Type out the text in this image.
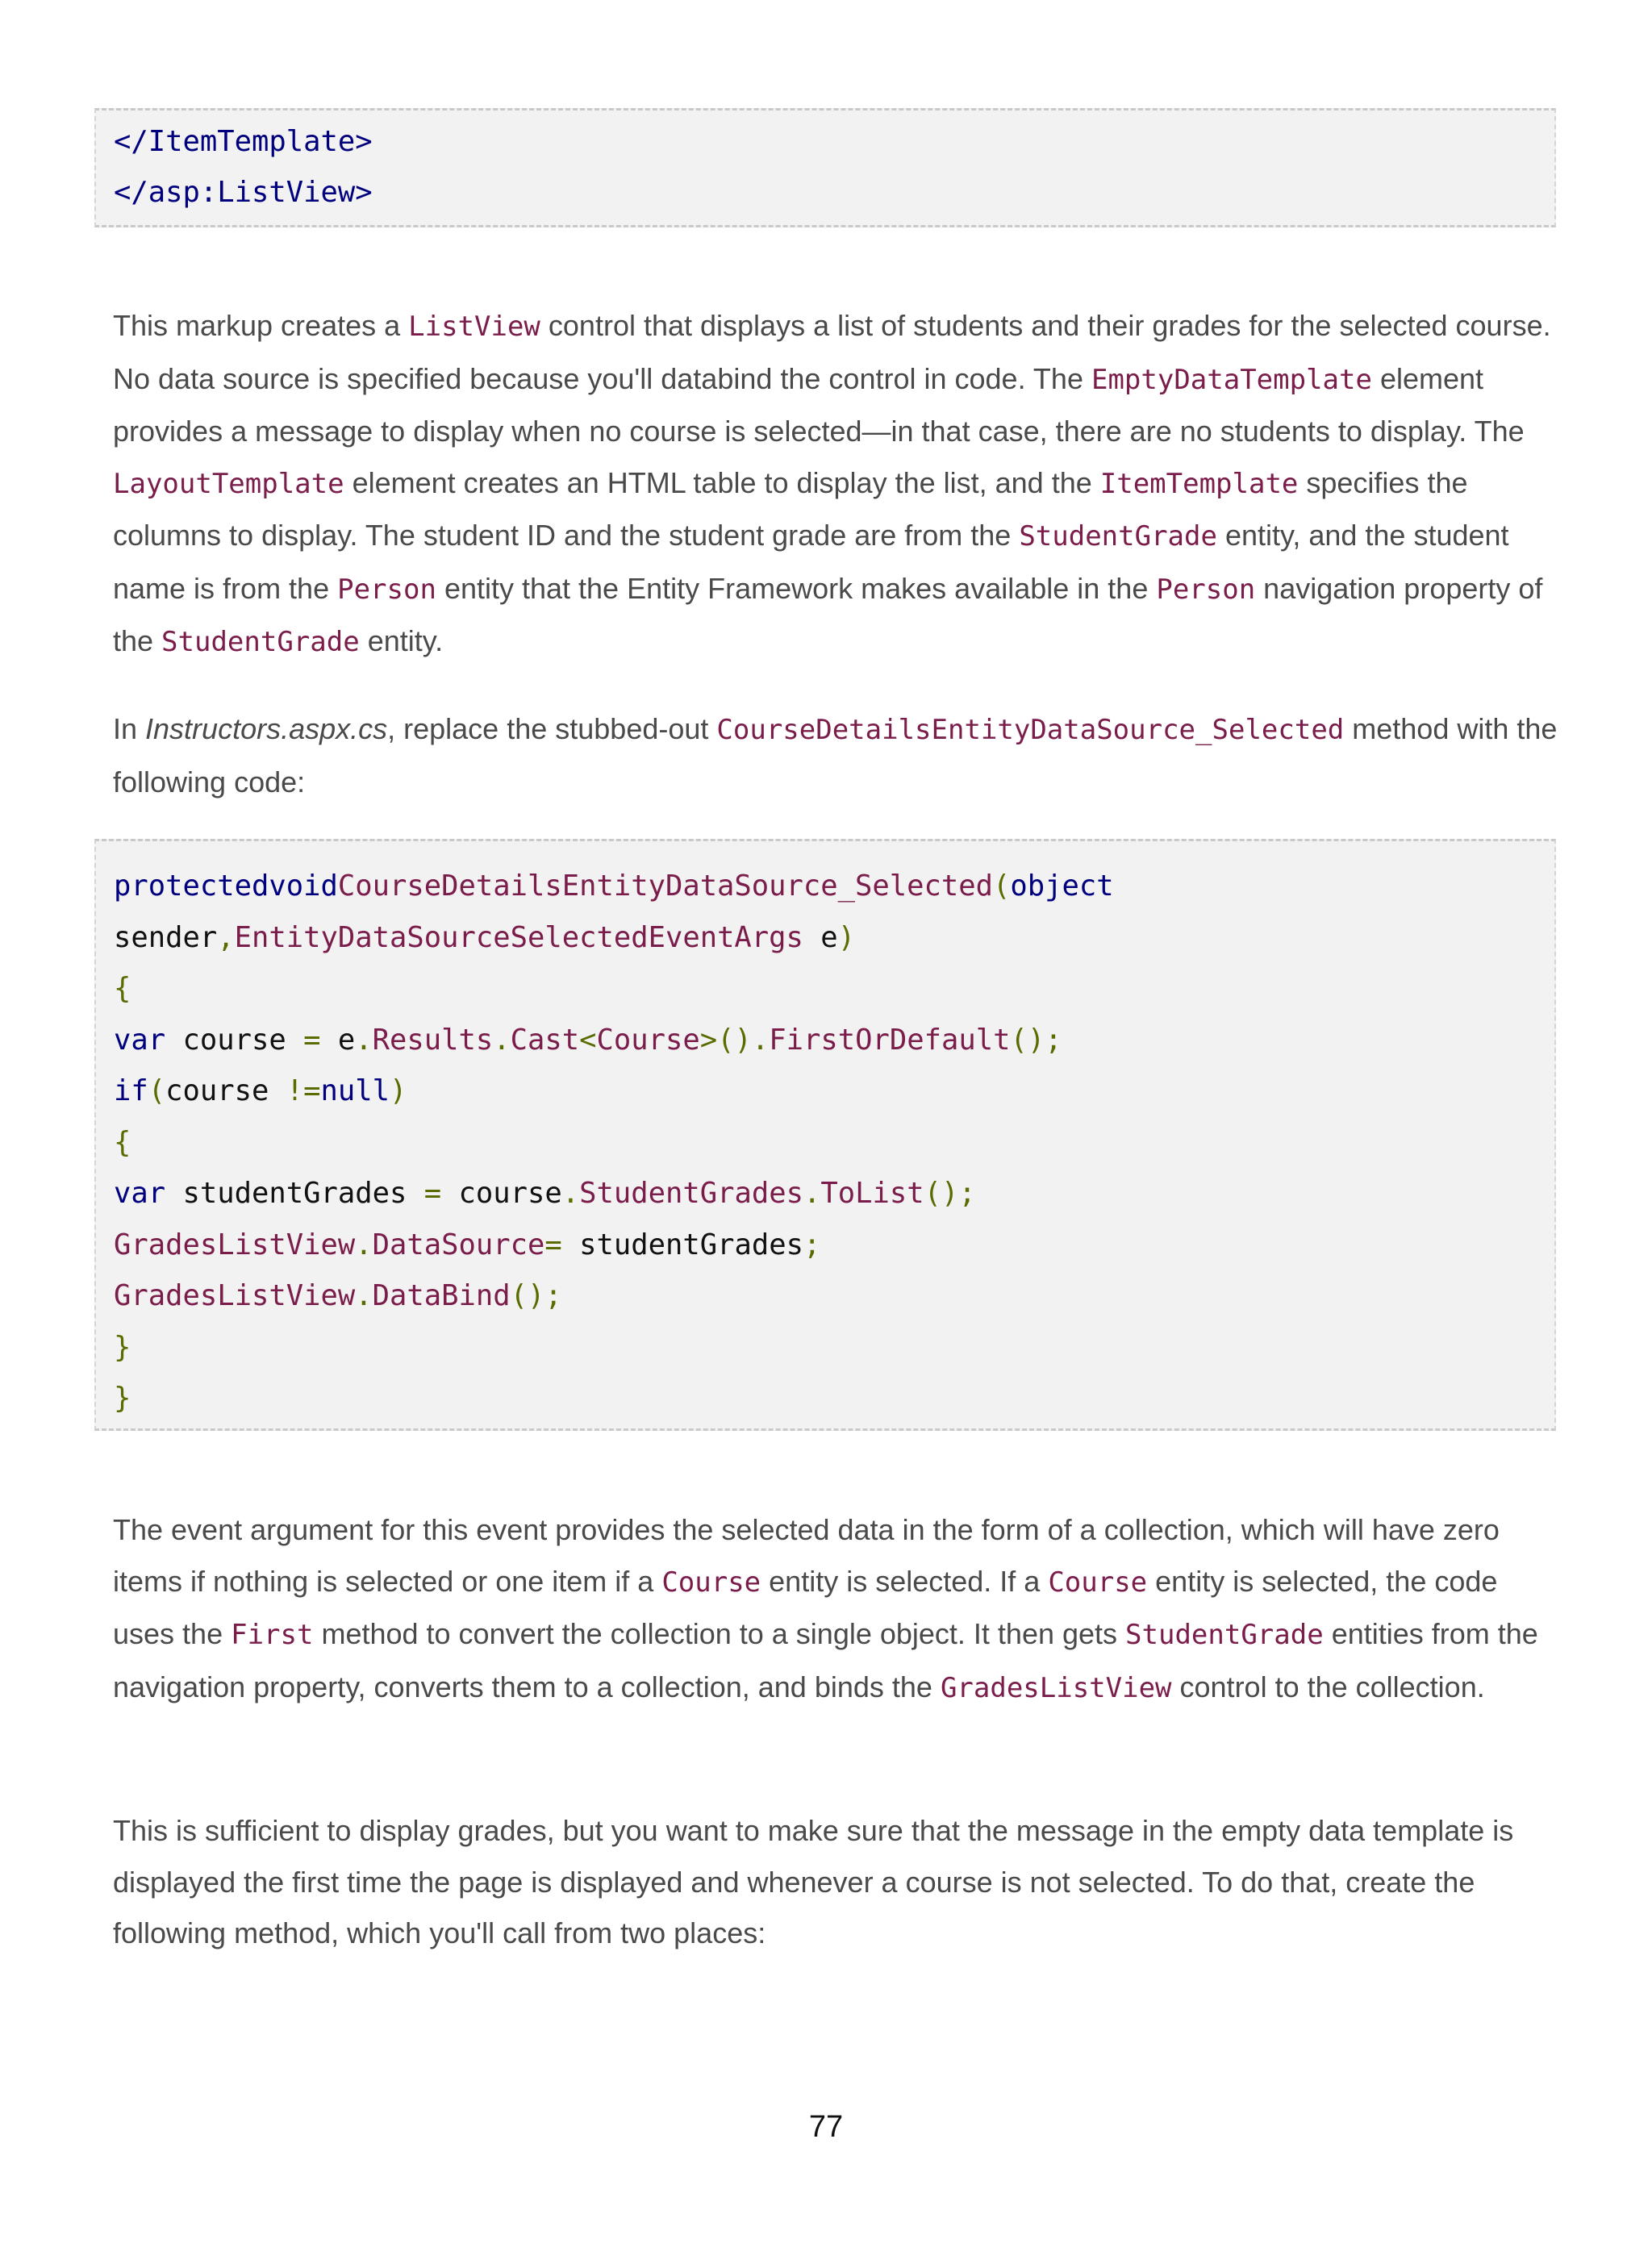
</ItemTemplate>
</asp:ListView>

This markup creates a ListView control that displays a list of students and their grades for the selected course. No data source is specified because you'll databind the control in code. The EmptyDataTemplate element provides a message to display when no course is selected—in that case, there are no students to display. The LayoutTemplate element creates an HTML table to display the list, and the ItemTemplate specifies the columns to display. The student ID and the student grade are from the StudentGrade entity, and the student name is from the Person entity that the Entity Framework makes available in the Person navigation property of the StudentGrade entity.

In Instructors.aspx.cs, replace the stubbed-out CourseDetailsEntityDataSource_Selected method with the following code:

protectedvoidCourseDetailsEntityDataSource_Selected(object
sender,EntityDataSourceSelectedEventArgs e)
{
var course = e.Results.Cast<Course>().FirstOrDefault();
if(course !=null)
{
var studentGrades = course.StudentGrades.ToList();
GradesListView.DataSource= studentGrades;
GradesListView.DataBind();
}
}

The event argument for this event provides the selected data in the form of a collection, which will have zero items if nothing is selected or one item if a Course entity is selected. If a Course entity is selected, the code uses the First method to convert the collection to a single object. It then gets StudentGrade entities from the navigation property, converts them to a collection, and binds the GradesListView control to the collection.

This is sufficient to display grades, but you want to make sure that the message in the empty data template is displayed the first time the page is displayed and whenever a course is not selected. To do that, create the following method, which you'll call from two places:

77
